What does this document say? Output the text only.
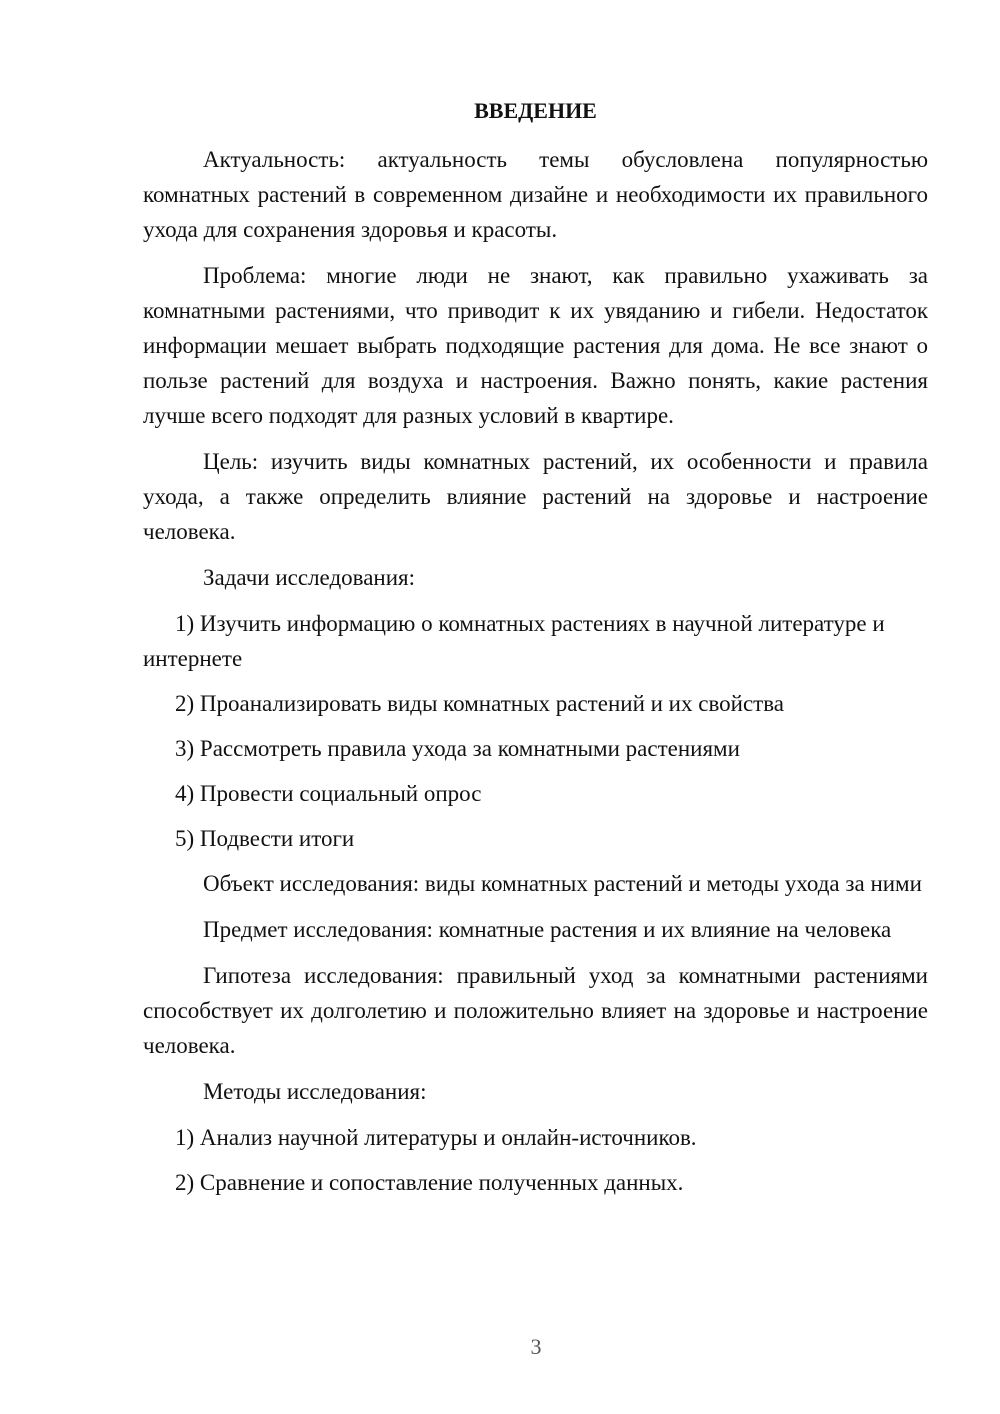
ВВЕДЕНИЕ

Актуальность: актуальность темы обусловлена популярностью комнатных растений в современном дизайне и необходимости их правильного ухода для сохранения здоровья и красоты.

Проблема: многие люди не знают, как правильно ухаживать за комнатными растениями, что приводит к их увяданию и гибели. Недостаток информации мешает выбрать подходящие растения для дома. Не все знают о пользе растений для воздуха и настроения. Важно понять, какие растения лучше всего подходят для разных условий в квартире.

Цель: изучить виды комнатных растений, их особенности и правила ухода, а также определить влияние растений на здоровье и настроение человека.

Задачи исследования:

1) Изучить информацию о комнатных растениях в научной литературе и интернете

2) Проанализировать виды комнатных растений и их свойства

3) Рассмотреть правила ухода за комнатными растениями

4) Провести социальный опрос

5) Подвести итоги

Объект исследования: виды комнатных растений и методы ухода за ними

Предмет исследования: комнатные растения и их влияние на человека

Гипотеза исследования: правильный уход за комнатными растениями способствует их долголетию и положительно влияет на здоровье и настроение человека.

Методы исследования:

1) Анализ научной литературы и онлайн-источников.

2) Сравнение и сопоставление полученных данных.

3
